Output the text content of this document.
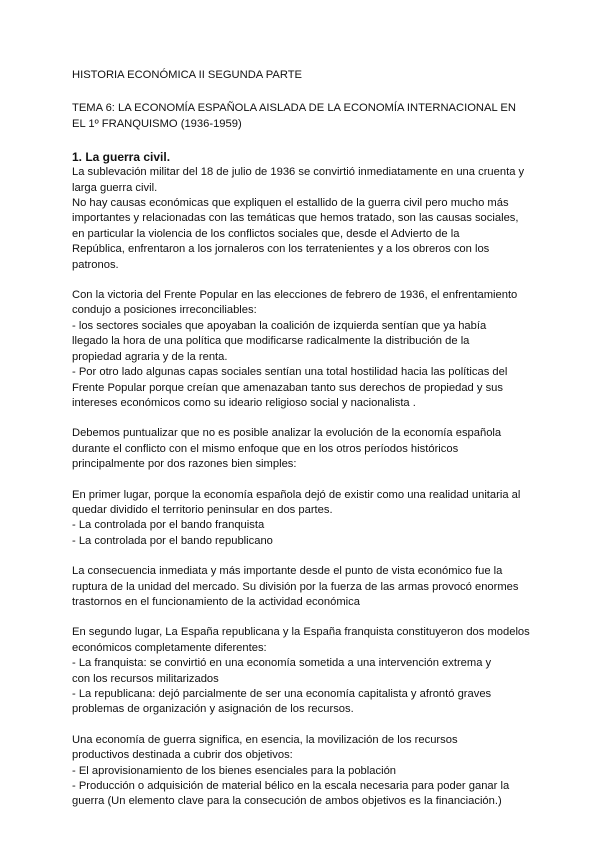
HISTORIA ECONÓMICA II SEGUNDA PARTE

TEMA 6: LA ECONOMÍA ESPAÑOLA AISLADA DE LA ECONOMÍA INTERNACIONAL EN
EL 1º FRANQUISMO (1936-1959)

1. La guerra civil.

La sublevación militar del 18 de julio de 1936 se convirtió inmediatamente en una cruenta y
larga guerra civil.
No hay causas económicas que expliquen el estallido de la guerra civil pero mucho más
importantes y relacionadas con las temáticas que hemos tratado, son las causas sociales,
en particular la violencia de los conflictos sociales que, desde el Advierto de la
República, enfrentaron a los jornaleros con los terratenientes y a los obreros con los
patronos.

Con la victoria del Frente Popular en las elecciones de febrero de 1936, el enfrentamiento
condujo a posiciones irreconciliables:
- los sectores sociales que apoyaban la coalición de izquierda sentían que ya había
llegado la hora de una política que modificarse radicalmente la distribución de la
propiedad agraria y de la renta.
- Por otro lado algunas capas sociales sentían una total hostilidad hacia las políticas del
Frente Popular porque creían que amenazaban tanto sus derechos de propiedad y sus
intereses económicos como su ideario religioso social y nacionalista .

Debemos puntualizar que no es posible analizar la evolución de la economía española
durante el conflicto con el mismo enfoque que en los otros períodos históricos
principalmente por dos razones bien simples:

En primer lugar, porque la economía española dejó de existir como una realidad unitaria al
quedar dividido el territorio peninsular en dos partes.
- La controlada por el bando franquista
- La controlada por el bando republicano

La consecuencia inmediata y más importante desde el punto de vista económico fue la
ruptura de la unidad del mercado. Su división por la fuerza de las armas provocó enormes
trastornos en el funcionamiento de la actividad económica

En segundo lugar, La España republicana y la España franquista constituyeron dos modelos
económicos completamente diferentes:
- La franquista: se convirtió en una economía sometida a una intervención extrema y
con los recursos militarizados
- La republicana: dejó parcialmente de ser una economía capitalista y afrontó graves
problemas de organización y asignación de los recursos.

Una economía de guerra significa, en esencia, la movilización de los recursos
productivos destinada a cubrir dos objetivos:
- El aprovisionamiento de los bienes esenciales para la población
- Producción o adquisición de material bélico en la escala necesaria para poder ganar la
guerra (Un elemento clave para la consecución de ambos objetivos es la financiación.)
